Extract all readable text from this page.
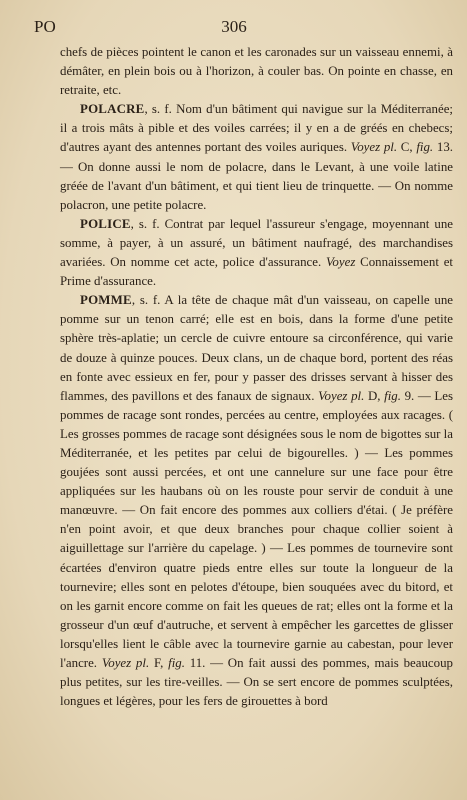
PO	306

chefs de pièces pointent le canon et les caronades sur un vaisseau ennemi, à démâter, en plein bois ou à l'horizon, à couler bas. On pointe en chasse, en retraite, etc.

POLACRE, s. f. Nom d'un bâtiment qui navigue sur la Méditerranée; il a trois mâts à pible et des voiles carrées; il y en a de gréés en chebecs; d'autres ayant des antennes portant des voiles auriques. Voyez pl. C, fig. 13. — On donne aussi le nom de polacre, dans le Levant, à une voile latine gréée de l'avant d'un bâtiment, et qui tient lieu de trinquette. — On nomme polacron, une petite polacre.

POLICE, s. f. Contrat par lequel l'assureur s'engage, moyennant une somme, à payer, à un assuré, un bâtiment naufragé, des marchandises avariées. On nomme cet acte, police d'assurance. Voyez Connaissement et Prime d'assurance.

POMME, s. f. A la tête de chaque mât d'un vaisseau, on capelle une pomme sur un tenon carré; elle est en bois, dans la forme d'une petite sphère très-aplatie; un cercle de cuivre entoure sa circonférence, qui varie de douze à quinze pouces. Deux clans, un de chaque bord, portent des réas en fonte avec essieux en fer, pour y passer des drisses servant à hisser des flammes, des pavillons et des fanaux de signaux. Voyez pl. D, fig. 9. — Les pommes de racage sont rondes, percées au centre, employées aux racages. ( Les grosses pommes de racage sont désignées sous le nom de bigottes sur la Méditerranée, et les petites par celui de bigourelles. ) — Les pommes goujées sont aussi percées, et ont une cannelure sur une face pour être appliquées sur les haubans où on les rouste pour servir de conduit à une manœuvre. — On fait encore des pommes aux colliers d'étai. ( Je préfère n'en point avoir, et que deux branches pour chaque collier soient à aiguillettage sur l'arrière du capelage. ) — Les pommes de tournevire sont écartées d'environ quatre pieds entre elles sur toute la longueur de la tournevire; elles sont en pelotes d'étoupe, bien souquées avec du bitord, et on les garnit encore comme on fait les queues de rat; elles ont la forme et la grosseur d'un œuf d'autruche, et servent à empêcher les garcettes de glisser lorsqu'elles lient le câble avec la tournevire garnie au cabestan, pour lever l'ancre. Voyez pl. F, fig. 11. — On fait aussi des pommes, mais beaucoup plus petites, sur les tire-veilles. — On se sert encore de pommes sculptées, longues et légères, pour les fers de girouettes à bord
